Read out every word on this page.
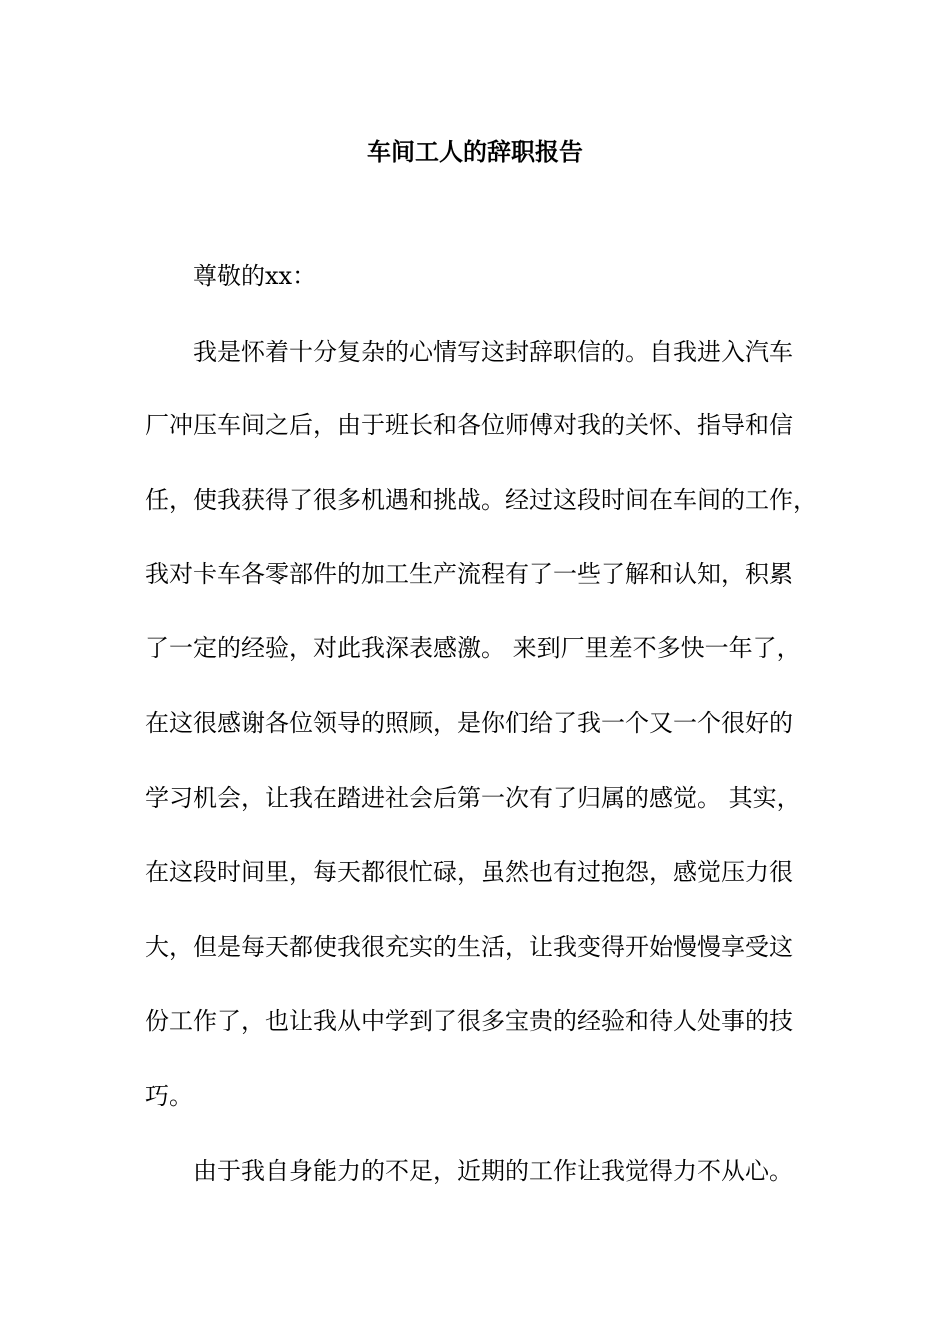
车间工人的辞职报告
尊敬的xx：
我是怀着十分复杂的心情写这封辞职信的。自我进入汽车
厂冲压车间之后，由于班长和各位师傅对我的关怀、指导和信
任，使我获得了很多机遇和挑战。经过这段时间在车间的工作，
我对卡车各零部件的加工生产流程有了一些了解和认知，积累
了一定的经验，对此我深表感激。 来到厂里差不多快一年了，
在这很感谢各位领导的照顾，是你们给了我一个又一个很好的
学习机会，让我在踏进社会后第一次有了归属的感觉。 其实，
在这段时间里，每天都很忙碌，虽然也有过抱怨，感觉压力很
大，但是每天都使我很充实的生活，让我变得开始慢慢享受这
份工作了，也让我从中学到了很多宝贵的经验和待人处事的技
巧。
由于我自身能力的不足，近期的工作让我觉得力不从心。
